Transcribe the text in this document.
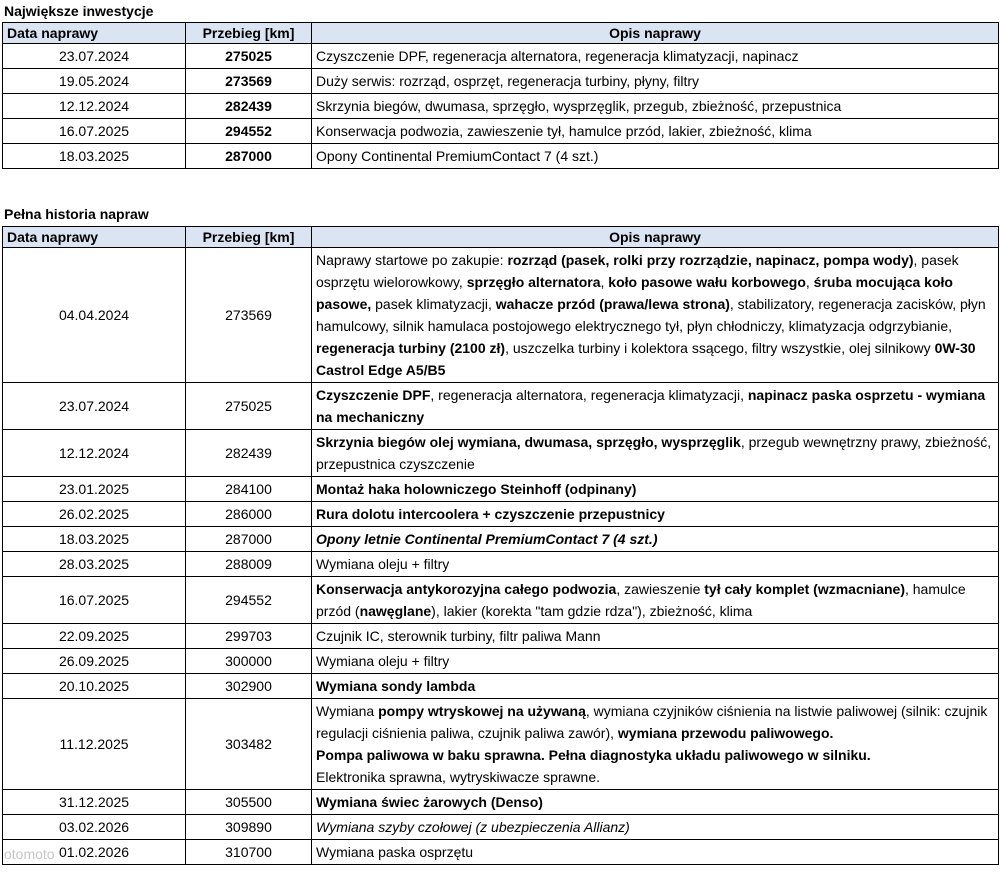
Największe inwestycje
Data naprawy	Przebieg [km]	Opis naprawy
23.07.2024	275025	Czyszczenie DPF, regeneracja alternatora, regeneracja klimatyzacji, napinacz
19.05.2024	273569	Duży serwis: rozrząd, osprzęt, regeneracja turbiny, płyny, filtry
12.12.2024	282439	Skrzynia biegów, dwumasa, sprzęgło, wysprzęglik, przegub, zbieżność, przepustnica
16.07.2025	294552	Konserwacja podwozia, zawieszenie tył, hamulce przód, lakier, zbieżność, klima
18.03.2025	287000	Opony Continental PremiumContact 7 (4 szt.)
Pełna historia napraw
Data naprawy	Przebieg [km]	Opis naprawy
04.04.2024	273569	Naprawy startowe po zakupie: rozrząd (pasek, rolki przy rozrządzie, napinacz, pompa wody), pasek osprzętu wielorowkowy, sprzęgło alternatora, koło pasowe wału korbowego, śruba mocująca koło pasowe, pasek klimatyzacji, wahacze przód (prawa/lewa strona), stabilizatory, regeneracja zacisków, płyn hamulcowy, silnik hamulaca postojowego elektrycznego tył, płyn chłodniczy, klimatyzacja odgrzybianie, regeneracja turbiny (2100 zł), uszczelka turbiny i kolektora ssącego, filtry wszystkie, olej silnikowy 0W-30 Castrol Edge A5/B5
23.07.2024	275025	Czyszczenie DPF, regeneracja alternatora, regeneracja klimatyzacji, napinacz paska osprzetu - wymiana na mechaniczny
12.12.2024	282439	Skrzynia biegów olej wymiana, dwumasa, sprzęgło, wysprzęglik, przegub wewnętrzny prawy, zbieżność, przepustnica czyszczenie
23.01.2025	284100	Montaż haka holowniczego Steinhoff (odpinany)
26.02.2025	286000	Rura dolotu intercoolera + czyszczenie przepustnicy
18.03.2025	287000	Opony letnie Continental PremiumContact 7 (4 szt.)
28.03.2025	288009	Wymiana oleju + filtry
16.07.2025	294552	Konserwacja antykorozyjna całego podwozia, zawieszenie tył cały komplet (wzmacniane), hamulce przód (nawęglane), lakier (korekta "tam gdzie rdza"), zbieżność, klima
22.09.2025	299703	Czujnik IC, sterownik turbiny, filtr paliwa Mann
26.09.2025	300000	Wymiana oleju + filtry
20.10.2025	302900	Wymiana sondy lambda
11.12.2025	303482	Wymiana pompy wtryskowej na używaną, wymiana czyjników ciśnienia na listwie paliwowej (silnik: czujnik regulacji ciśnienia paliwa, czujnik paliwa zawór), wymiana przewodu paliwowego.
Pompa paliwowa w baku sprawna. Pełna diagnostyka układu paliwowego w silniku.
Elektronika sprawna, wytryskiwacze sprawne.
31.12.2025	305500	Wymiana świec żarowych (Denso)
03.02.2026	309890	Wymiana szyby czołowej (z ubezpieczenia Allianz)
01.02.2026	310700	Wymiana paska osprzętu
otomoto
